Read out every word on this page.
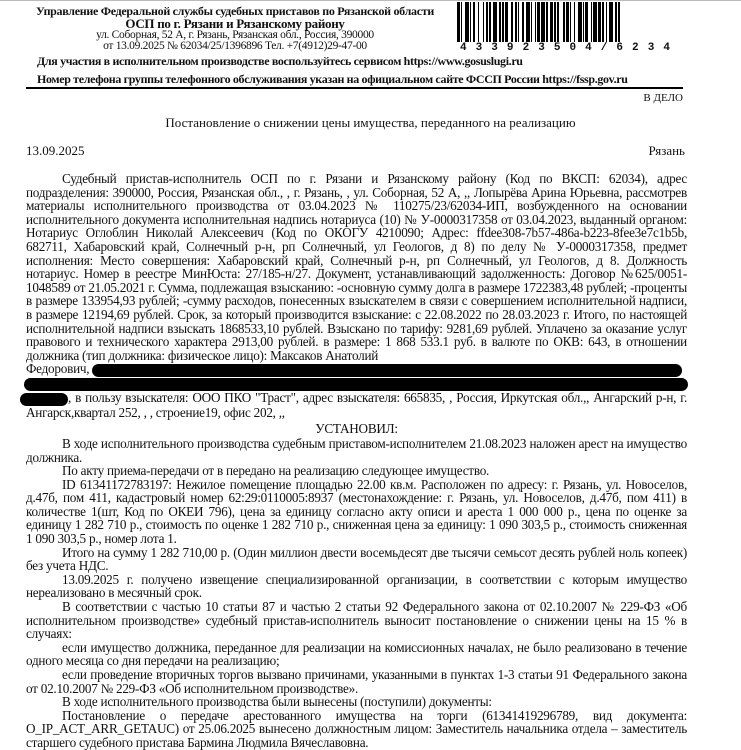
Управление Федеральной службы судебных приставов по Рязанской области
ОСП по г. Рязани и Рязанскому району
ул. Соборная, 52 А, г. Рязань, Рязанская обл., Россия, 390000
от 13.09.2025 № 62034/25/1396896 Тел. +7(4912)29-47-00	4 3 3 9 2 3 5 0 4 / 6 2 3 4
Для участия в исполнительном производстве воспользуйтесь сервисом https://www.gosuslugi.ru
Номер телефона группы телефонного обслуживания указан на официальном сайте ФССП России https://fssp.gov.ru
В ДЕЛО
Постановление о снижении цены имущества, переданного на реализацию
13.09.2025	Рязань

Судебный пристав-исполнитель ОСП по г. Рязани и Рязанскому району (Код по ВКСП: 62034), адрес подразделения: 390000, Россия, Рязанская обл., , г. Рязань, , ул. Соборная, 52 А, ,, Лопырёва Арина Юрьевна, рассмотрев материалы исполнительного производства от 03.04.2023 № 110275/23/62034-ИП, возбужденного на основании исполнительного документа исполнительная надпись нотариуса (10) № У-0000317358 от 03.04.2023, выданный органом: Нотариус Оглоблин Николай Алексеевич (Код по ОКОГУ 4210090; Адрес: ffdee308-7b57-486a-b223-8fee3e7c1b5b, 682711, Хабаровский край, Солнечный р-н, рп Солнечный, ул Геологов, д 8) по делу № У-0000317358, предмет исполнения: Место совершения: Хабаровский край, Солнечный р-н, рп Солнечный, ул Геологов, д 8. Должность нотариус. Номер в реестре МинЮста: 27/185-н/27. Документ, устанавливающий задолженность: Договор №625/0051-1048589 от 21.05.2021 г. Сумма, подлежащая взысканию: -основную сумму долга в размере 1722383,48 рублей; -проценты в размере 133954,93 рублей; -сумму расходов, понесенных взыскателем в связи с совершением исполнительной надписи, в размере 12194,69 рублей. Срок, за который производится взыскание: с 22.08.2022 по 28.03.2023 г. Итого, по настоящей исполнительной надписи взыскать 1868533,10 рублей. Взыскано по тарифу: 9281,69 рублей. Уплачено за оказание услуг правового и технического характера 2913,00 рублей. в размере: 1 868 533.1 руб. в валюте по ОКВ: 643, в отношении должника (тип должника: физическое лицо): Максаков Анатолий
Федорович,
, в пользу взыскателя: ООО ПКО "Траст", адрес взыскателя: 665835, , Россия, Иркутская обл.,, Ангарский р-н, г. Ангарск,квартал 252, , , строение19, офис 202, ,,

УСТАНОВИЛ:

В ходе исполнительного производства судебным приставом-исполнителем 21.08.2023 наложен арест на имущество должника.

По акту приема-передачи от в передано на реализацию следующее имущество.

ID 61341172783197: Нежилое помещение площадью 22.00 кв.м. Расположен по адресу: г. Рязань, ул. Новоселов, д.47б, пом 411, кадастровый номер 62:29:0110005:8937 (местонахождение: г. Рязань, ул. Новоселов, д.47б, пом 411) в количестве 1(шт, Код по ОКЕИ 796), цена за единицу согласно акту описи и ареста 1 000 000 р., цена по оценке за единицу 1 282 710 р., стоимость по оценке 1 282 710 р., сниженная цена за единицу: 1 090 303,5 р., стоимость сниженная 1 090 303,5 р., номер лота 1.

Итого на сумму 1 282 710,00 р. (Один миллион двести восемьдесят две тысячи семьсот десять рублей ноль копеек) без учета НДС.

13.09.2025 г. получено извещение специализированной организации, в соответствии с которым имущество нереализовано в месячный срок.

В соответствии с частью 10 статьи 87 и частью 2 статьи 92 Федерального закона от 02.10.2007 № 229-ФЗ «Об исполнительном производстве» судебный пристав-исполнитель выносит постановление о снижении цены на 15 % в случаях:

если имущество должника, переданное для реализации на комиссионных началах, не было реализовано в течение одного месяца со дня передачи на реализацию;

если проведение вторичных торгов вызвано причинами, указанными в пунктах 1-3 статьи 91 Федерального закона от 02.10.2007 № 229-ФЗ «Об исполнительном производстве».

В ходе исполнительного производства были вынесены (поступили) документы:

Постановление о передаче арестованного имущества на торги (61341419296789, вид документа: O_IP_ACT_ARR_GETAUC) от 25.06.2025 вынесено должностным лицом: Заместитель начальника отдела – заместитель старшего судебного пристава Бармина Людмила Вячеславовна.
